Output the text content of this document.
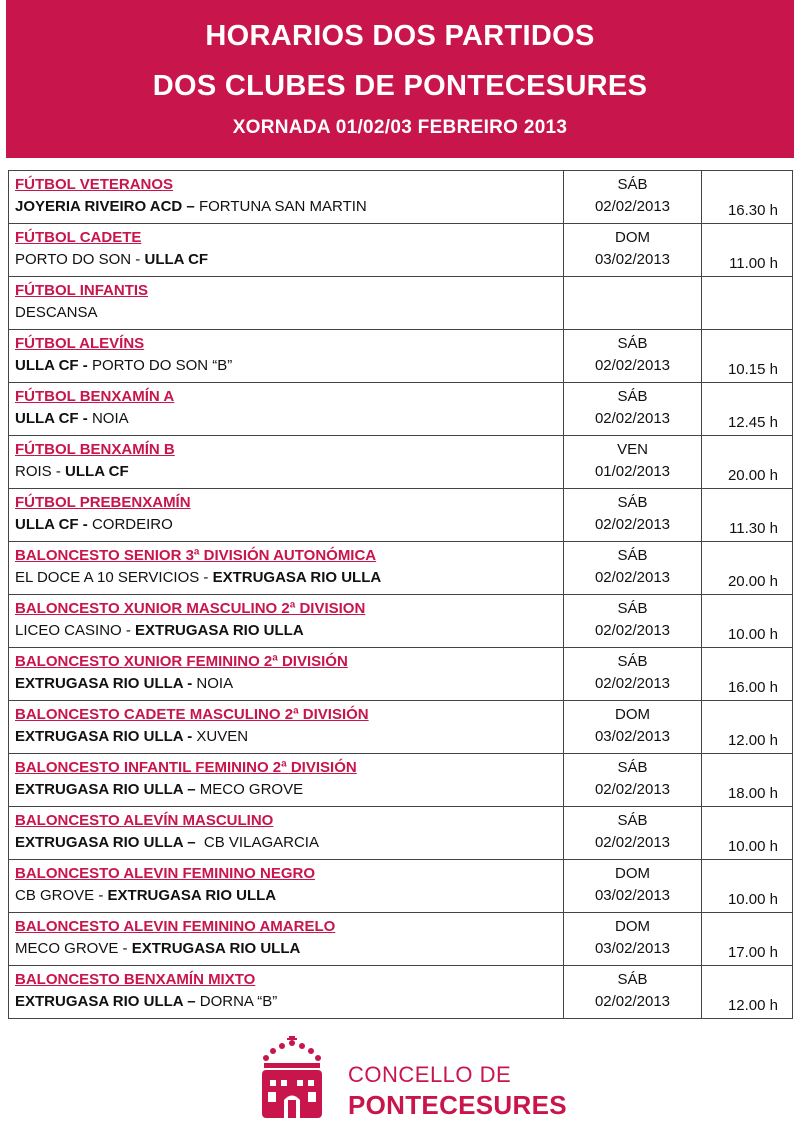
HORARIOS DOS PARTIDOS
DOS CLUBES DE PONTECESURES
XORNADA 01/02/03 FEBREIRO 2013
FÚTBOL VETERANOS
JOYERIA RIVEIRO ACD – FORTUNA SAN MARTIN	SÁB
02/02/2013	16.30 h

FÚTBOL CADETE
PORTO DO SON - ULLA CF	DOM
03/02/2013	11.00 h

FÚTBOL INFANTIS
DESCANSA		

FÚTBOL ALEVÍNS
ULLA CF - PORTO DO SON “B”	SÁB
02/02/2013	10.15 h

FÚTBOL BENXAMÍN A
ULLA CF - NOIA	SÁB
02/02/2013	12.45 h

FÚTBOL BENXAMÍN B
ROIS - ULLA CF	VEN
01/02/2013	20.00 h

FÚTBOL PREBENXAMÍN
ULLA CF - CORDEIRO	SÁB
02/02/2013	11.30 h

BALONCESTO SENIOR 3ª DIVISIÓN AUTONÓMICA
EL DOCE A 10 SERVICIOS - EXTRUGASA RIO ULLA	SÁB
02/02/2013	20.00 h

BALONCESTO XUNIOR MASCULINO 2ª DIVISION
LICEO CASINO - EXTRUGASA RIO ULLA	SÁB
02/02/2013	10.00 h

BALONCESTO XUNIOR FEMININO 2ª DIVISIÓN
EXTRUGASA RIO ULLA - NOIA	SÁB
02/02/2013	16.00 h

BALONCESTO CADETE MASCULINO 2ª DIVISIÓN
EXTRUGASA RIO ULLA - XUVEN	DOM
03/02/2013	12.00 h

BALONCESTO INFANTIL FEMININO 2ª DIVISIÓN
EXTRUGASA RIO ULLA – MECO GROVE	SÁB
02/02/2013	18.00 h

BALONCESTO ALEVÍN MASCULINO
EXTRUGASA RIO ULLA –  CB VILAGARCIA	SÁB
02/02/2013	10.00 h

BALONCESTO ALEVIN FEMININO NEGRO
CB GROVE - EXTRUGASA RIO ULLA	DOM
03/02/2013	10.00 h

BALONCESTO ALEVIN FEMININO AMARELO
MECO GROVE - EXTRUGASA RIO ULLA	DOM
03/02/2013	17.00 h

BALONCESTO BENXAMÍN MIXTO
EXTRUGASA RIO ULLA – DORNA “B”	SÁB
02/02/2013	12.00 h
CONCELLO DE
PONTECESURES
